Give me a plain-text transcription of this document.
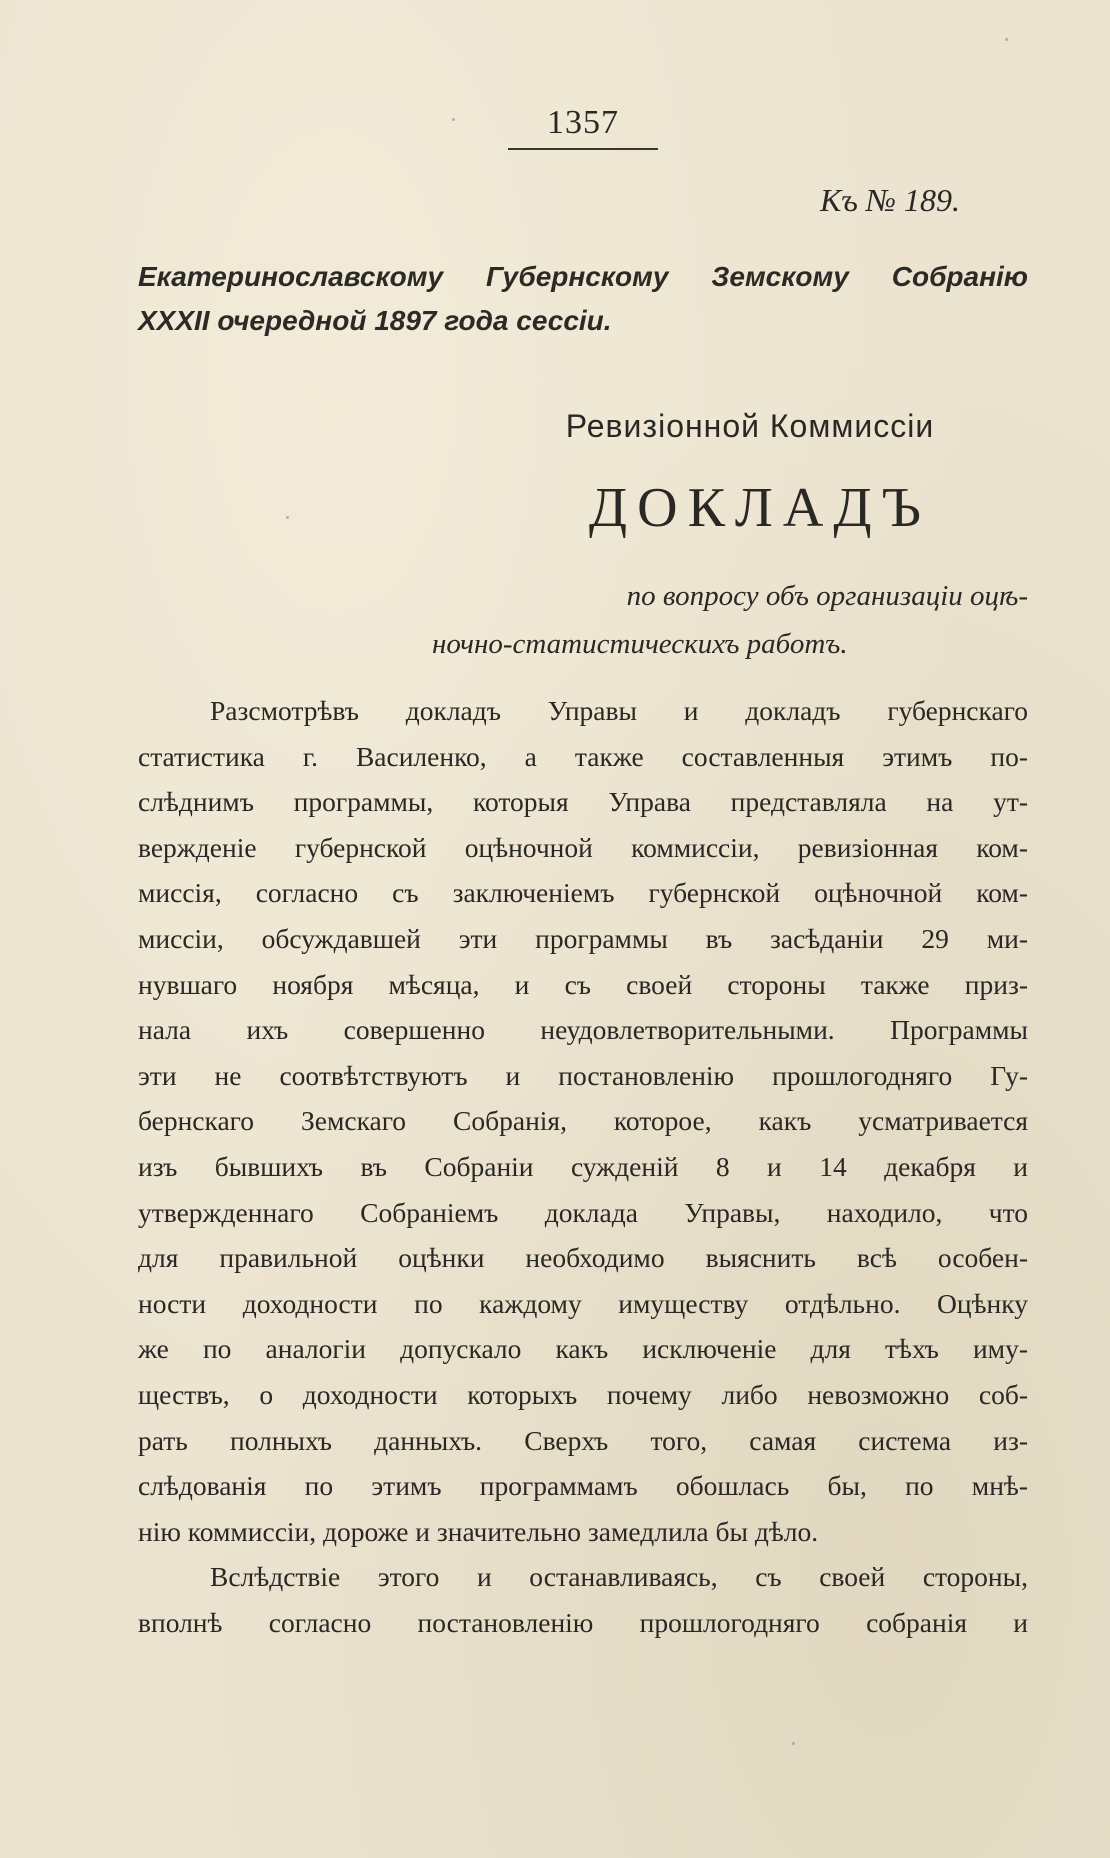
1357
Къ № 189.
Екатеринославскому Губернскому Земскому Собранію
XXXII очередной 1897 года сессіи.
Ревизіонной Коммиссіи
ДОКЛАДЪ
по вопросу объ организаціи оцѣ-
ночно-статистическихъ работъ.
Разсмотрѣвъ докладъ Управы и докладъ губернскаго
статистика г. Василенко, а также составленныя этимъ по-
слѣднимъ программы, которыя Управа представляла на ут-
вержденіе губернской оцѣночной коммиссіи, ревизіонная ком-
миссія, согласно съ заключеніемъ губернской оцѣночной ком-
миссіи, обсуждавшей эти программы въ засѣданіи 29 ми-
нувшаго ноября мѣсяца, и съ своей стороны также приз-
нала ихъ совершенно неудовлетворительными. Программы
эти не соотвѣтствуютъ и постановленію прошлогодняго Гу-
бернскаго Земскаго Собранія, которое, какъ усматривается
изъ бывшихъ въ Собраніи сужденій 8 и 14 декабря и
утвержденнаго Собраніемъ доклада Управы, находило, что
для правильной оцѣнки необходимо выяснить всѣ особен-
ности доходности по каждому имуществу отдѣльно. Оцѣнку
же по аналогіи допускало какъ исключеніе для тѣхъ иму-
ществъ, о доходности которыхъ почему либо невозможно соб-
рать полныхъ данныхъ. Сверхъ того, самая система из-
слѣдованія по этимъ программамъ обошлась бы, по мнѣ-
нію коммиссіи, дороже и значительно замедлила бы дѣло.
Вслѣдствіе этого и останавливаясь, съ своей стороны,
вполнѣ согласно постановленію прошлогодняго собранія и
